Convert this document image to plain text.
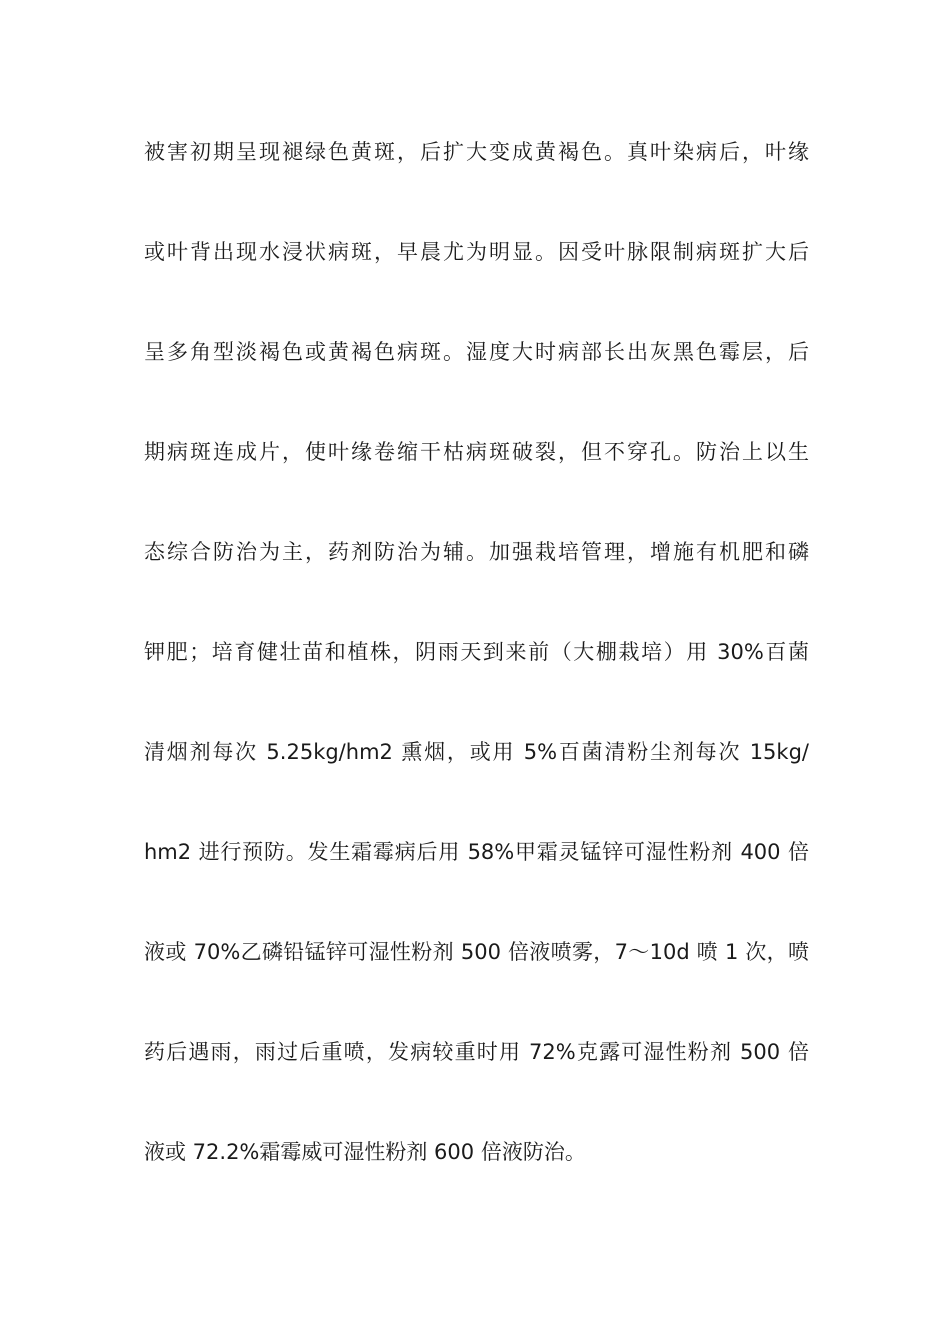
被害初期呈现褪绿色黄斑，后扩大变成黄褐色。真叶染病后，叶缘
或叶背出现水浸状病斑，早晨尤为明显。因受叶脉限制病斑扩大后
呈多角型淡褐色或黄褐色病斑。湿度大时病部长出灰黑色霉层，后
期病斑连成片，使叶缘卷缩干枯病斑破裂，但不穿孔。防治上以生
态综合防治为主，药剂防治为辅。加强栽培管理，增施有机肥和磷
钾肥；培育健壮苗和植株，阴雨天到来前（大棚栽培）用 30%百菌
清烟剂每次 5.25kg/hm2 熏烟，或用 5%百菌清粉尘剂每次 15kg/
hm2 进行预防。发生霜霉病后用 58%甲霜灵锰锌可湿性粉剂 400 倍
液或 70%乙磷铅锰锌可湿性粉剂 500 倍液喷雾，7～10d 喷 1 次，喷
药后遇雨，雨过后重喷，发病较重时用 72%克露可湿性粉剂 500 倍
液或 72.2%霜霉威可湿性粉剂 600 倍液防治。
